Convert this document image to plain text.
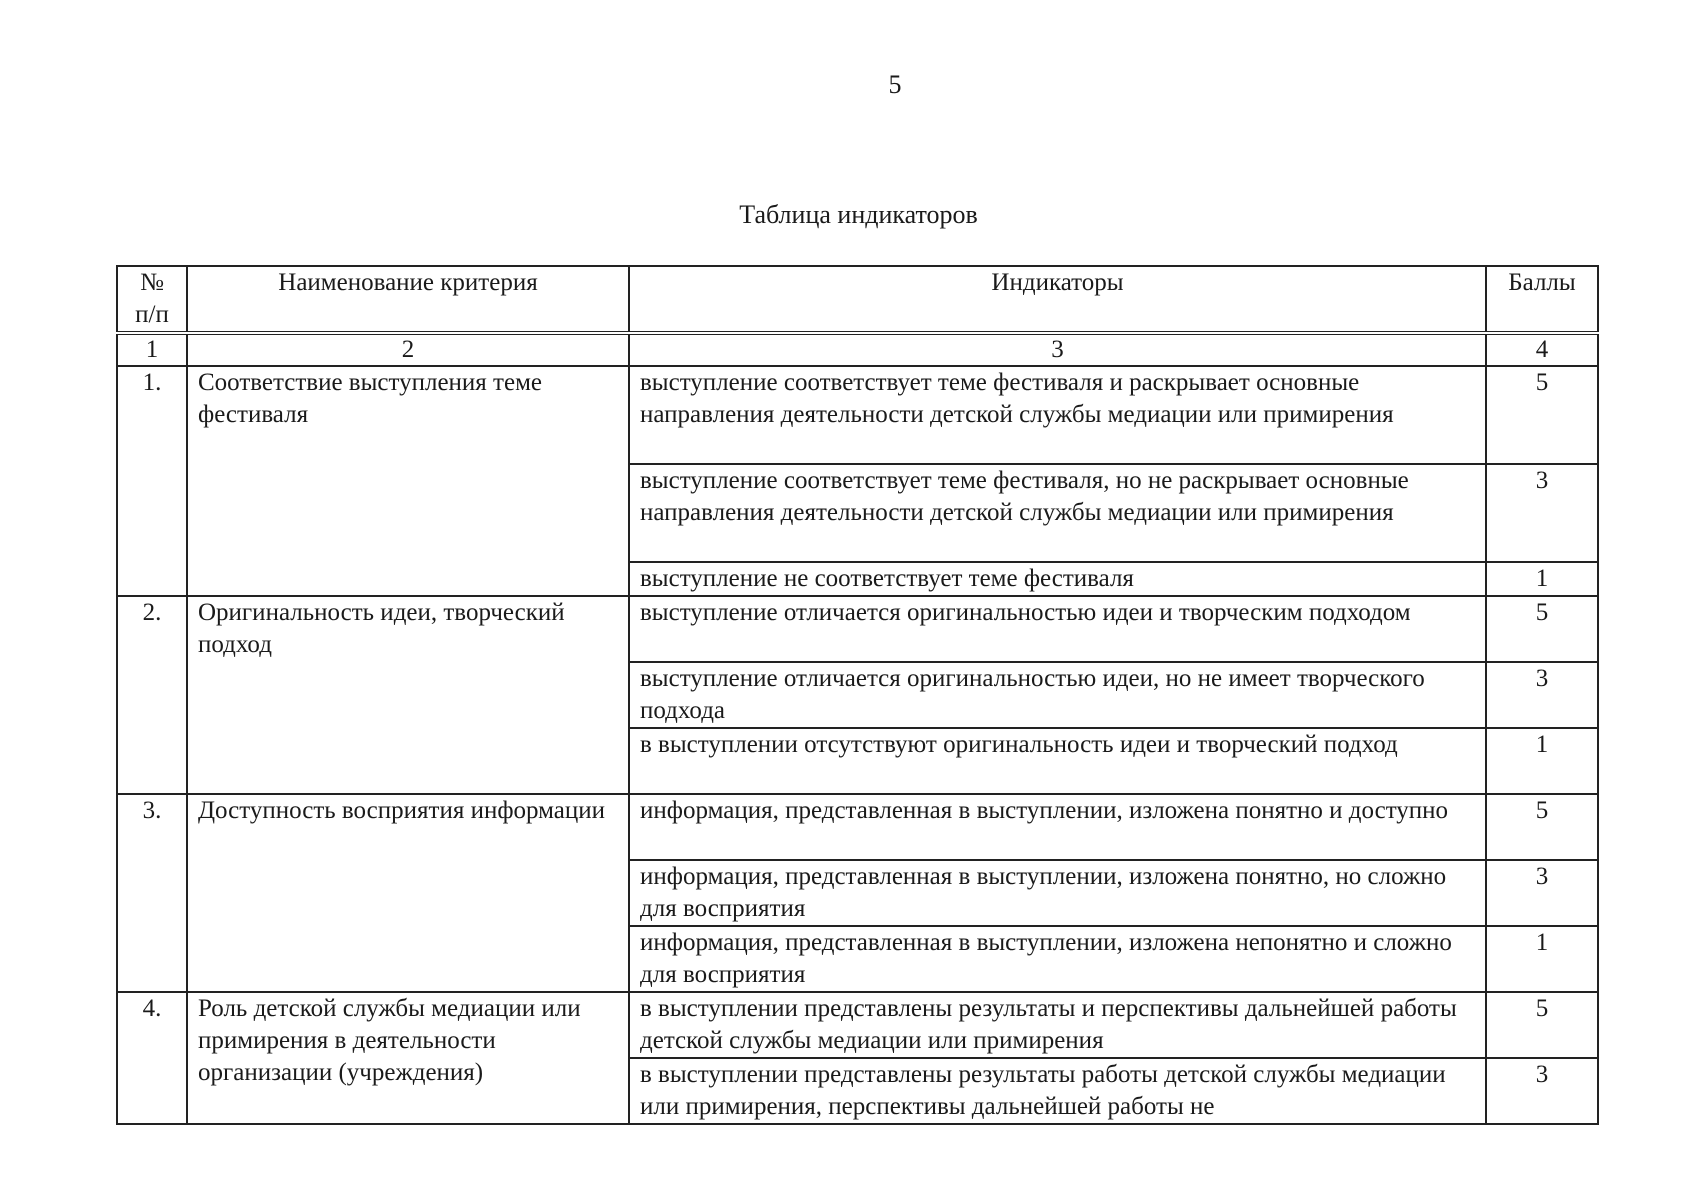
5
Таблица индикаторов
№ п/п	Наименование критерия	Индикаторы	Баллы
1	2	3	4
1.	Соответствие выступления теме фестиваля	выступление соответствует теме фестиваля и раскрывает основные направления деятельности детской службы медиации или примирения	5
		выступление соответствует теме фестиваля, но не раскрывает основные направления деятельности детской службы медиации или примирения	3
		выступление не соответствует теме фестиваля	1
2.	Оригинальность идеи, творческий подход	выступление отличается оригинальностью идеи и творческим подходом	5
		выступление отличается оригинальностью идеи, но не имеет творческого подхода	3
		в выступлении отсутствуют оригинальность идеи и творческий подход	1
3.	Доступность восприятия информации	информация, представленная в выступлении, изложена понятно и доступно	5
		информация, представленная в выступлении, изложена понятно, но сложно для восприятия	3
		информация, представленная в выступлении, изложена непонятно и сложно для восприятия	1
4.	Роль детской службы медиации или примирения в деятельности организации (учреждения)	в выступлении представлены результаты и перспективы дальнейшей работы детской службы медиации или примирения	5
		в выступлении представлены результаты работы детской службы медиации или примирения, перспективы дальнейшей работы не	3
